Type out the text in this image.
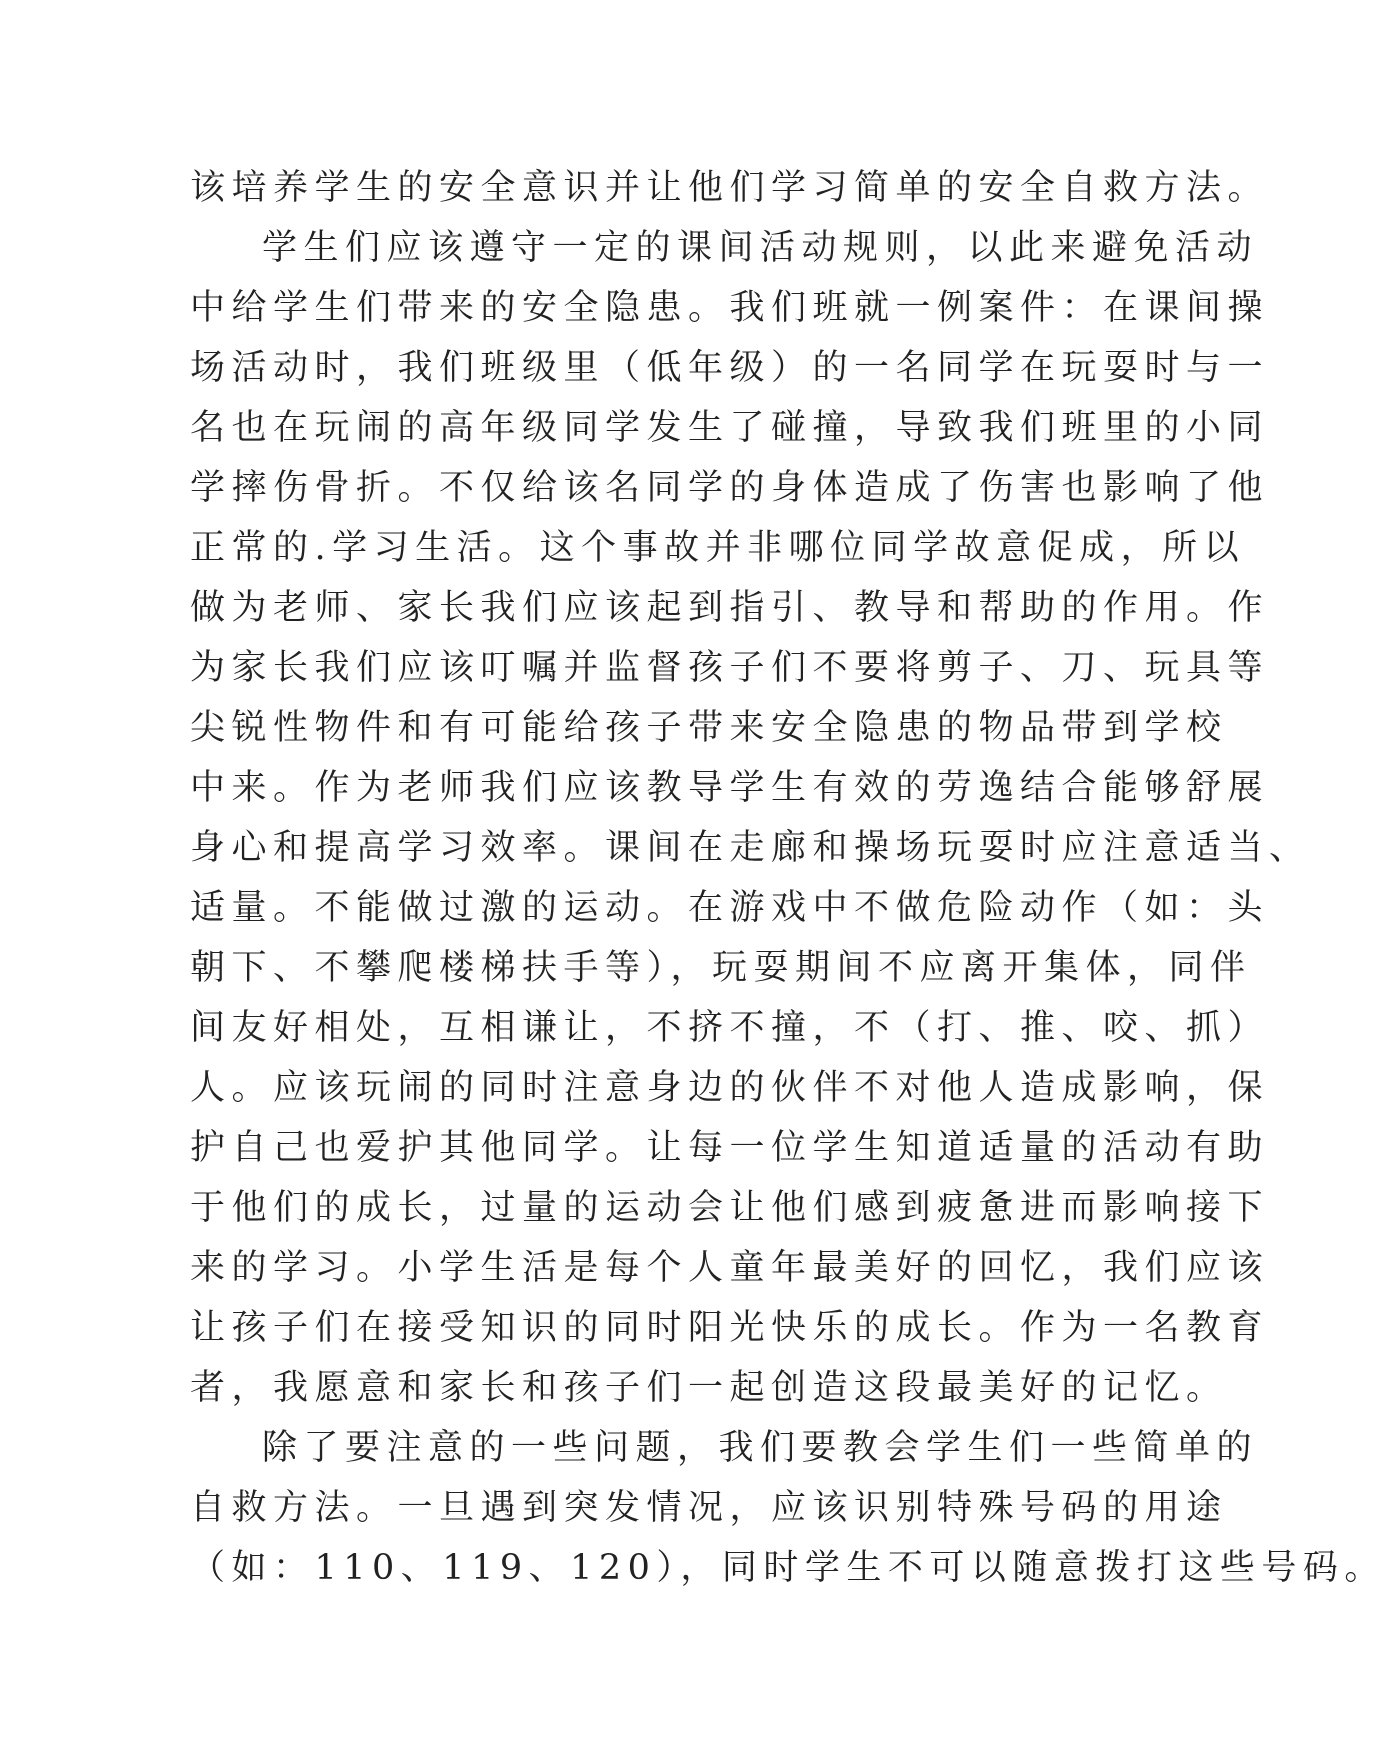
该培养学生的安全意识并让他们学习简单的安全自救方法。
学生们应该遵守一定的课间活动规则，以此来避免活动
中给学生们带来的安全隐患。我们班就一例案件：在课间操
场活动时，我们班级里（低年级）的一名同学在玩耍时与一
名也在玩闹的高年级同学发生了碰撞，导致我们班里的小同
学摔伤骨折。不仅给该名同学的身体造成了伤害也影响了他
正常的.学习生活。这个事故并非哪位同学故意促成，所以
做为老师、家长我们应该起到指引、教导和帮助的作用。作
为家长我们应该叮嘱并监督孩子们不要将剪子、刀、玩具等
尖锐性物件和有可能给孩子带来安全隐患的物品带到学校
中来。作为老师我们应该教导学生有效的劳逸结合能够舒展
身心和提高学习效率。课间在走廊和操场玩耍时应注意适当、
适量。不能做过激的运动。在游戏中不做危险动作（如：头
朝下、不攀爬楼梯扶手等），玩耍期间不应离开集体，同伴
间友好相处，互相谦让，不挤不撞，不（打、推、咬、抓）
人。应该玩闹的同时注意身边的伙伴不对他人造成影响，保
护自己也爱护其他同学。让每一位学生知道适量的活动有助
于他们的成长，过量的运动会让他们感到疲惫进而影响接下
来的学习。小学生活是每个人童年最美好的回忆，我们应该
让孩子们在接受知识的同时阳光快乐的成长。作为一名教育
者，我愿意和家长和孩子们一起创造这段最美好的记忆。
除了要注意的一些问题，我们要教会学生们一些简单的
自救方法。一旦遇到突发情况，应该识别特殊号码的用途
（如：110、119、120），同时学生不可以随意拨打这些号码。
